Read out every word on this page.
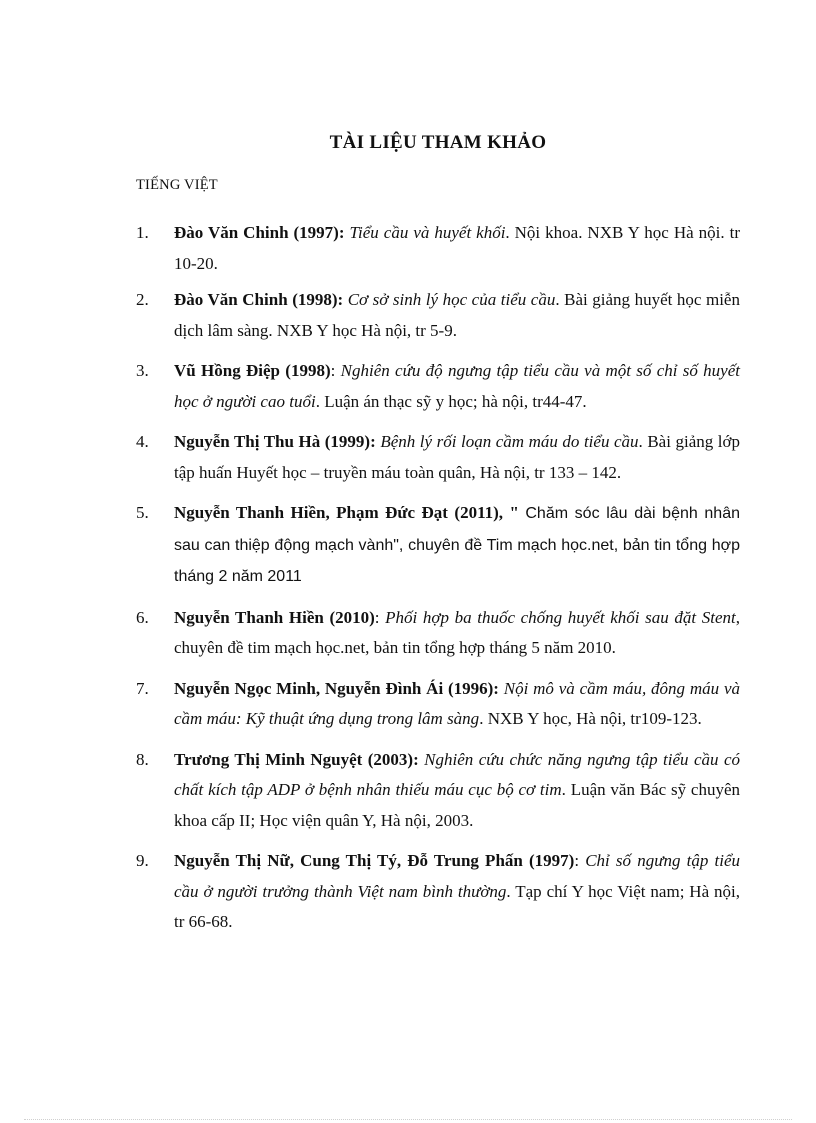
TÀI LIỆU THAM KHẢO
TIẾNG VIỆT
1. Đào Văn Chinh (1997): Tiểu cầu và huyết khối. Nội khoa. NXB Y học Hà nội. tr 10-20.
2. Đào Văn Chinh (1998): Cơ sở sinh lý học của tiểu cầu. Bài giảng huyết học miễn dịch lâm sàng. NXB Y học Hà nội, tr 5-9.
3. Vũ Hồng Điệp (1998): Nghiên cứu độ ngưng tập tiểu cầu và một số chỉ số huyết học ở người cao tuổi. Luận án thạc sỹ y học; hà nội, tr44-47.
4. Nguyễn Thị Thu Hà (1999): Bệnh lý rối loạn cầm máu do tiểu cầu. Bài giảng lớp tập huấn Huyết học – truyền máu toàn quân, Hà nội, tr 133 – 142.
5. Nguyễn Thanh Hiền, Phạm Đức Đạt (2011), " Chăm sóc lâu dài bệnh nhân sau can thiệp động mạch vành", chuyên đề Tim mạch học.net, bản tin tổng hợp tháng 2 năm 2011
6. Nguyễn Thanh Hiền (2010): Phối hợp ba thuốc chống huyết khối sau đặt Stent, chuyên đề tim mạch học.net, bản tin tổng hợp tháng 5 năm 2010.
7. Nguyễn Ngọc Minh, Nguyễn Đình Ái (1996): Nội mô và cầm máu, đông máu và cầm máu: Kỹ thuật ứng dụng trong lâm sàng. NXB Y học, Hà nội, tr109-123.
8. Trương Thị Minh Nguyệt (2003): Nghiên cứu chức năng ngưng tập tiểu cầu có chất kích tập ADP ở bệnh nhân thiếu máu cục bộ cơ tim. Luận văn Bác sỹ chuyên khoa cấp II; Học viện quân Y, Hà nội, 2003.
9. Nguyễn Thị Nữ, Cung Thị Tý, Đỗ Trung Phấn (1997): Chỉ số ngưng tập tiểu cầu ở người trưởng thành Việt nam bình thường. Tạp chí Y học Việt nam; Hà nội, tr 66-68.
